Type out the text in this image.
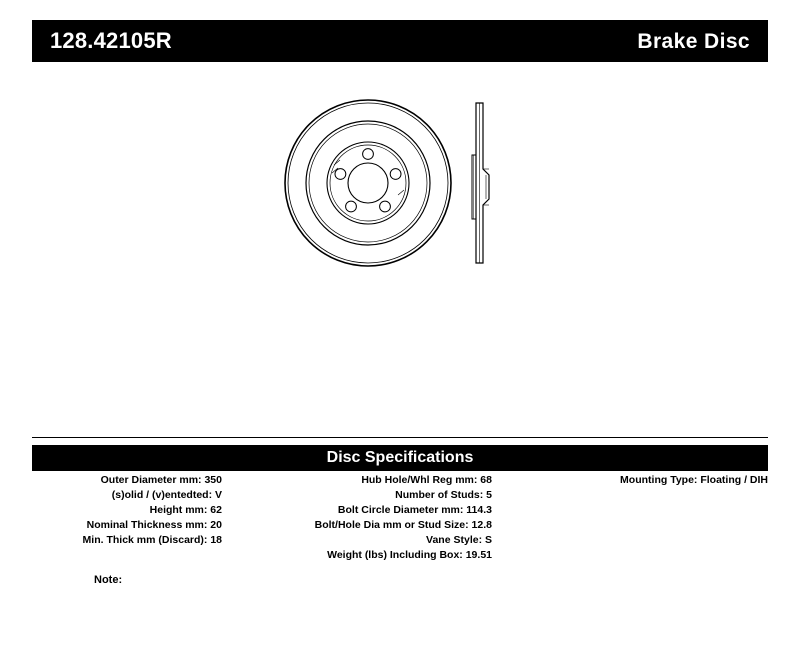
128.42105R	Brake Disc
Disc Specifications
Outer Diameter mm: 350
(s)olid / (v)entedted: V
Height mm: 62
Nominal Thickness mm: 20
Min. Thick mm (Discard): 18
Hub Hole/Whl Reg mm: 68
Number of Studs: 5
Bolt Circle Diameter mm: 114.3
Bolt/Hole Dia mm or Stud Size: 12.8
Vane Style: S
Weight (lbs) Including Box: 19.51
Mounting Type: Floating / DIH
Note:
